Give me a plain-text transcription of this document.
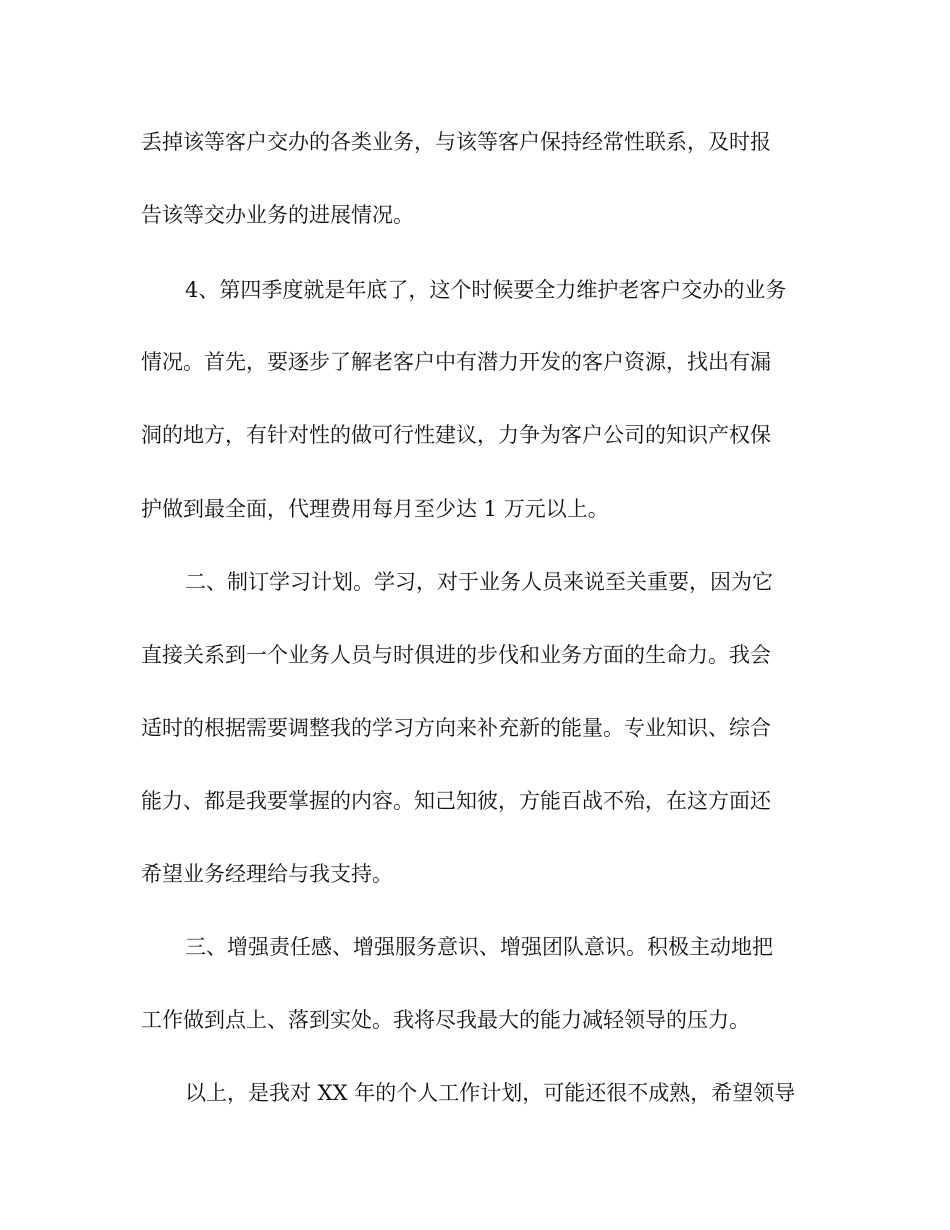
丢掉该等客户交办的各类业务，与该等客户保持经常性联系，及时报
告该等交办业务的进展情况。
4、第四季度就是年底了，这个时候要全力维护老客户交办的业务
情况。首先，要逐步了解老客户中有潜力开发的客户资源，找出有漏
洞的地方，有针对性的做可行性建议，力争为客户公司的知识产权保
护做到最全面，代理费用每月至少达 1 万元以上。
二、制订学习计划。学习，对于业务人员来说至关重要，因为它
直接关系到一个业务人员与时俱进的步伐和业务方面的生命力。我会
适时的根据需要调整我的学习方向来补充新的能量。专业知识、综合
能力、都是我要掌握的内容。知己知彼，方能百战不殆，在这方面还
希望业务经理给与我支持。
三、增强责任感、增强服务意识、增强团队意识。积极主动地把
工作做到点上、落到实处。我将尽我最大的能力减轻领导的压力。
以上，是我对 XX 年的个人工作计划，可能还很不成熟，希望领导
